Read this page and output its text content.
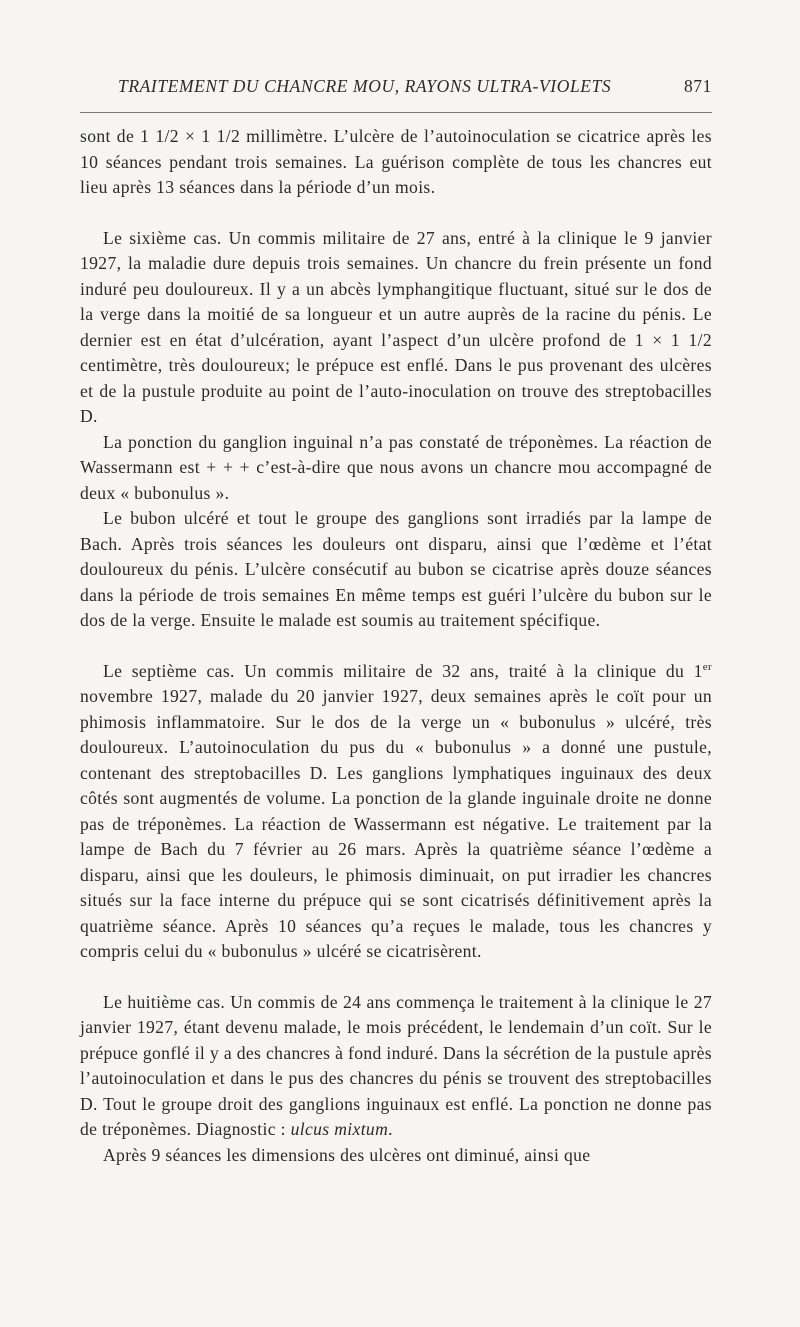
TRAITEMENT DU CHANCRE MOU, RAYONS ULTRA-VIOLETS	871

sont de 1 1/2 × 1 1/2 millimètre. L’ulcère de l’autoinoculation se cicatrice après les 10 séances pendant trois semaines. La guérison complète de tous les chancres eut lieu après 13 séances dans la période d’un mois.

Le sixième cas. Un commis militaire de 27 ans, entré à la clinique le 9 janvier 1927, la maladie dure depuis trois semaines. Un chancre du frein présente un fond induré peu douloureux. Il y a un abcès lymphangitique fluctuant, situé sur le dos de la verge dans la moitié de sa longueur et un autre auprès de la racine du pénis. Le dernier est en état d’ulcération, ayant l’aspect d’un ulcère profond de 1 × 1 1/2 centimètre, très douloureux; le prépuce est enflé. Dans le pus provenant des ulcères et de la pustule produite au point de l’auto-inoculation on trouve des streptobacilles D.

La ponction du ganglion inguinal n’a pas constaté de tréponèmes. La réaction de Wassermann est + + + c’est-à-dire que nous avons un chancre mou accompagné de deux « bubonulus ».

Le bubon ulcéré et tout le groupe des ganglions sont irradiés par la lampe de Bach. Après trois séances les douleurs ont disparu, ainsi que l’œdème et l’état douloureux du pénis. L’ulcère consécutif au bubon se cicatrise après douze séances dans la période de trois semaines En même temps est guéri l’ulcère du bubon sur le dos de la verge. Ensuite le malade est soumis au traitement spécifique.

Le septième cas. Un commis militaire de 32 ans, traité à la clinique du 1er novembre 1927, malade du 20 janvier 1927, deux semaines après le coït pour un phimosis inflammatoire. Sur le dos de la verge un « bubonulus » ulcéré, très douloureux. L’autoinoculation du pus du « bubonulus » a donné une pustule, contenant des streptobacilles D. Les ganglions lymphatiques inguinaux des deux côtés sont augmentés de volume. La ponction de la glande inguinale droite ne donne pas de tréponèmes. La réaction de Wassermann est négative. Le traitement par la lampe de Bach du 7 février au 26 mars. Après la quatrième séance l’œdème a disparu, ainsi que les douleurs, le phimosis diminuait, on put irradier les chancres situés sur la face interne du prépuce qui se sont cicatrisés définitivement après la quatrième séance. Après 10 séances qu’a reçues le malade, tous les chancres y compris celui du « bubonulus » ulcéré se cicatrisèrent.

Le huitième cas. Un commis de 24 ans commença le traitement à la clinique le 27 janvier 1927, étant devenu malade, le mois précédent, le lendemain d’un coït. Sur le prépuce gonflé il y a des chancres à fond induré. Dans la sécrétion de la pustule après l’autoinoculation et dans le pus des chancres du pénis se trouvent des streptobacilles D. Tout le groupe droit des ganglions inguinaux est enflé. La ponction ne donne pas de tréponèmes. Diagnostic : ulcus mixtum.

Après 9 séances les dimensions des ulcères ont diminué, ainsi que
